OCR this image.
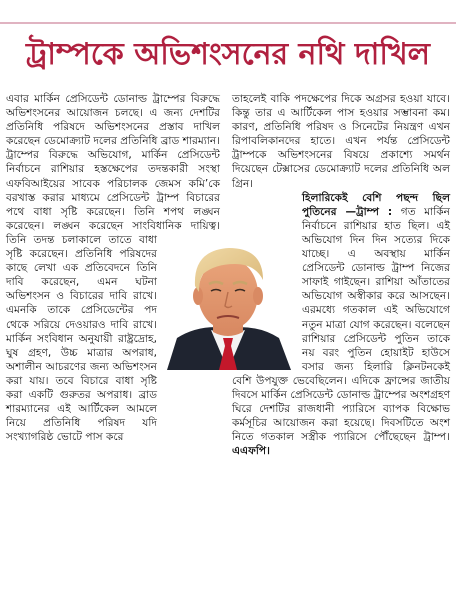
ট্রাম্পকে অভিশংসনের নথি দাখিল

এবার মার্কিন প্রেসিডেন্ট ডোনাল্ড ট্রাম্পের বিরুদ্ধে অভিশংসনের আয়োজন চলছে। এ জন্য দেশটির প্রতিনিধি পরিষদে অভিশংসনের প্রস্তাব দাখিল করেছেন ডেমোক্র্যাট দলের প্রতিনিধি ব্রাড শারম্যান। ট্রাম্পের বিরুদ্ধে অভিযোগ, মার্কিন প্রেসিডেন্ট নির্বাচনে রাশিয়ার হস্তক্ষেপের তদন্তকারী সংস্থা এফবিআইয়ের সাবেক পরিচালক জেমস কমি’কে বরখাস্ত করার মাধ্যমে প্রেসিডেন্ট ট্রাম্প বিচারের পথে বাধা সৃষ্টি করেছেন। তিনি শপথ লঙ্ঘন করেছেন। লঙ্ঘন করেছেন সাংবিধানিক দায়িত্ব। তিনি তদন্ত চলাকালে তাতে বাধা সৃষ্টি করেছেন। প্রতিনিধি পরিষদের কাছে লেখা এক প্রতিবেদনে তিনি দাবি করেছেন, এমন ঘটনা অভিশংসন ও বিচারের দাবি রাখে। এমনকি তাকে প্রেসিডেন্টের পদ থেকে সরিয়ে দেওয়ারও দাবি রাখে। মার্কিন সংবিধান অনুযায়ী রাষ্ট্রদ্রোহ, ঘুষ গ্রহণ, উচ্চ মাত্রার অপরাধ, অশালীন আচরণের জন্য অভিশংসন করা যায়। তবে বিচারে বাধা সৃষ্টি করা একটি গুরুতর অপরাধ। ব্রাড শারম্যানের এই আর্টিকেল আমলে নিয়ে প্রতিনিধি পরিষদ যদি সংখ্যাগরিষ্ঠ ভোটে পাস করে

তাহলেই বাকি পদক্ষেপের দিকে অগ্রসর হওয়া যাবে। কিন্তু তার এ আর্টিকেল পাস হওয়ার সম্ভাবনা কম। কারণ, প্রতিনিধি পরিষদ ও সিনেটের নিয়ন্ত্রণ এখন রিপাবলিকানদের হাতে। এখন পর্যন্ত প্রেসিডেন্ট ট্রাম্পকে অভিশংসনের বিষয়ে প্রকাশ্যে সমর্থন দিয়েছেন টেক্সাসের ডেমোক্র্যাট দলের প্রতিনিধি অল গ্রিন।

হিলারিকেই বেশি পছন্দ ছিল পুতিনের —ট্রাম্প : গত মার্কিন নির্বাচনে রাশিয়ার হাত ছিল। এই অভিযোগ দিন দিন সত্যের দিকে যাচ্ছে। এ অবস্থায় মার্কিন প্রেসিডেন্ট ডোনাল্ড ট্রাম্প নিজের সাফাই গাইছেন। রাশিয়া আঁতাতের অভিযোগ অস্বীকার করে আসছেন। এরমধ্যে গতকাল এই অভিযোগে নতুন মাত্রা যোগ করেছেন। বলেছেন রাশিয়ার প্রেসিডেন্ট পুতিন তাকে নয় বরং পুতিন হোয়াইট হাউসে বসার জন্য হিলারি ক্লিনটনকেই বেশি উপযুক্ত ভেবেছিলেন। এদিকে ফ্রান্সের জাতীয় দিবসে মার্কিন প্রেসিডেন্ট ডোনাল্ড ট্রাম্পের অংশগ্রহণ ঘিরে দেশটির রাজধানী প্যারিসে ব্যাপক বিক্ষোভ কর্মসূচির আয়োজন করা হয়েছে। দিবসটিতে অংশ নিতে গতকাল সস্ত্রীক প্যারিসে পৌঁছেছেন ট্রাম্প। এএফপি।
